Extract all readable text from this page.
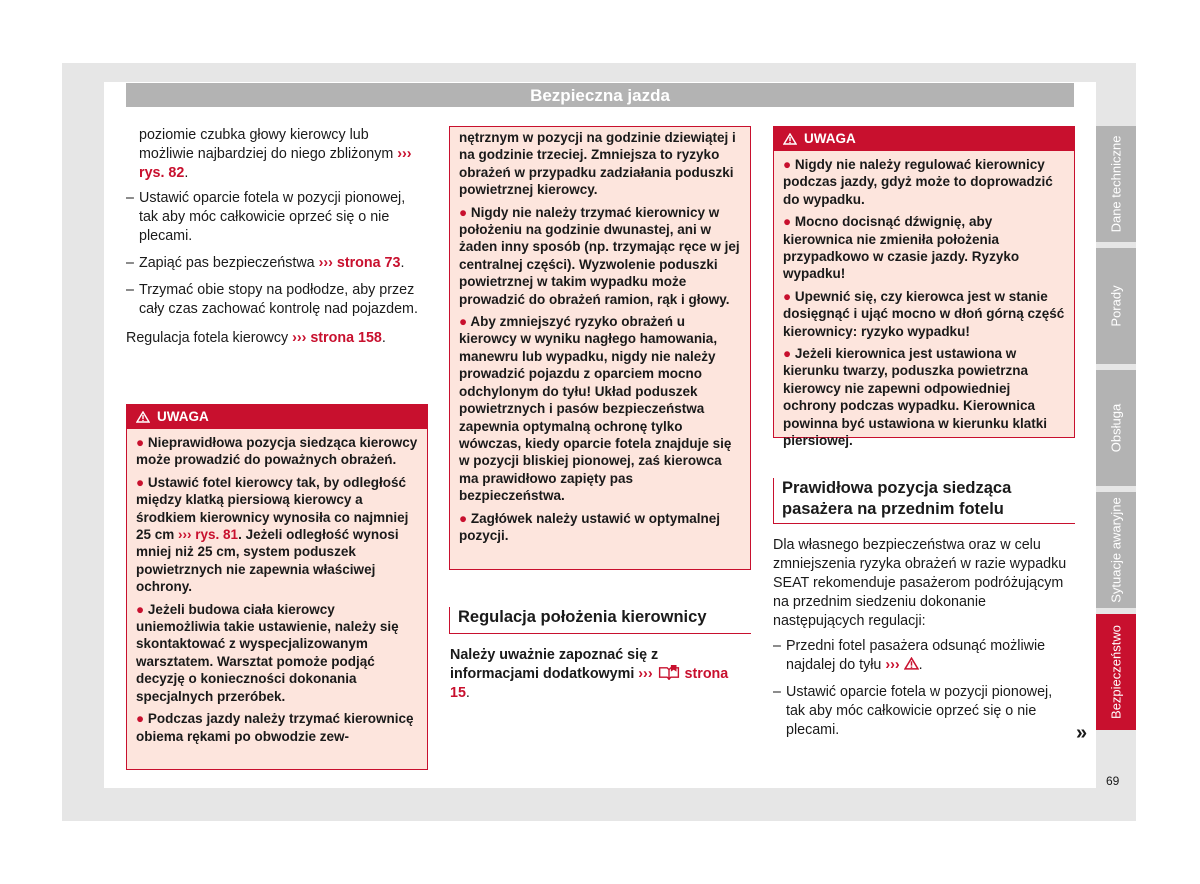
Bezpieczna jazda

poziomie czubka głowy kierowcy lub możliwie najbardziej do niego zbliżonym ››› rys. 82.

– Ustawić oparcie fotela w pozycji pionowej, tak aby móc całkowicie oprzeć się o nie plecami.

– Zapiąć pas bezpieczeństwa ››› strona 73.

– Trzymać obie stopy na podłodze, aby przez cały czas zachować kontrolę nad pojazdem.

Regulacja fotela kierowcy ››› strona 158.

UWAGA

● Nieprawidłowa pozycja siedząca kierowcy może prowadzić do poważnych obrażeń.

● Ustawić fotel kierowcy tak, by odległość między klatką piersiową kierowcy a środkiem kierownicy wynosiła co najmniej 25 cm ››› rys. 81. Jeżeli odległość wynosi mniej niż 25 cm, system poduszek powietrznych nie zapewnia właściwej ochrony.

● Jeżeli budowa ciała kierowcy uniemożliwia takie ustawienie, należy się skontaktować z wyspecjalizowanym warsztatem. Warsztat pomoże podjąć decyzję o konieczności dokonania specjalnych przeróbek.

● Podczas jazdy należy trzymać kierownicę obiema rękami po obwodzie zew-

nętrznym w pozycji na godzinie dziewiątej i na godzinie trzeciej. Zmniejsza to ryzyko obrażeń w przypadku zadziałania poduszki powietrznej kierowcy.

● Nigdy nie należy trzymać kierownicy w położeniu na godzinie dwunastej, ani w żaden inny sposób (np. trzymając ręce w jej centralnej części). Wyzwolenie poduszki powietrznej w takim wypadku może prowadzić do obrażeń ramion, rąk i głowy.

● Aby zmniejszyć ryzyko obrażeń u kierowcy w wyniku nagłego hamowania, manewru lub wypadku, nigdy nie należy prowadzić pojazdu z oparciem mocno odchylonym do tyłu! Układ poduszek powietrznych i pasów bezpieczeństwa zapewnia optymalną ochronę tylko wówczas, kiedy oparcie fotela znajduje się w pozycji bliskiej pionowej, zaś kierowca ma prawidłowo zapięty pas bezpieczeństwa.

● Zagłówek należy ustawić w optymalnej pozycji.

Regulacja położenia kierownicy

Należy uważnie zapoznać się z informacjami dodatkowymi ›››  strona 15.

UWAGA

● Nigdy nie należy regulować kierownicy podczas jazdy, gdyż może to doprowadzić do wypadku.

● Mocno docisnąć dźwignię, aby kierownica nie zmieniła położenia przypadkowo w czasie jazdy. Ryzyko wypadku!

● Upewnić się, czy kierowca jest w stanie dosięgnąć i ująć mocno w dłoń górną część kierownicy: ryzyko wypadku!

● Jeżeli kierownica jest ustawiona w kierunku twarzy, poduszka powietrzna kierowcy nie zapewni odpowiedniej ochrony podczas wypadku. Kierownica powinna być ustawiona w kierunku klatki piersiowej.

Prawidłowa pozycja siedząca pasażera na przednim fotelu

Dla własnego bezpieczeństwa oraz w celu zmniejszenia ryzyka obrażeń w razie wypadku SEAT rekomenduje pasażerom podróżującym na przednim siedzeniu dokonanie następujących regulacji:

– Przedni fotel pasażera odsunąć możliwie najdalej do tyłu ››› .

– Ustawić oparcie fotela w pozycji pionowej, tak aby móc całkowicie oprzeć się o nie plecami.	»
Dane techniczne
Porady
Obsługa
Sytuacje awaryjne
Bezpieczeństwo
69
